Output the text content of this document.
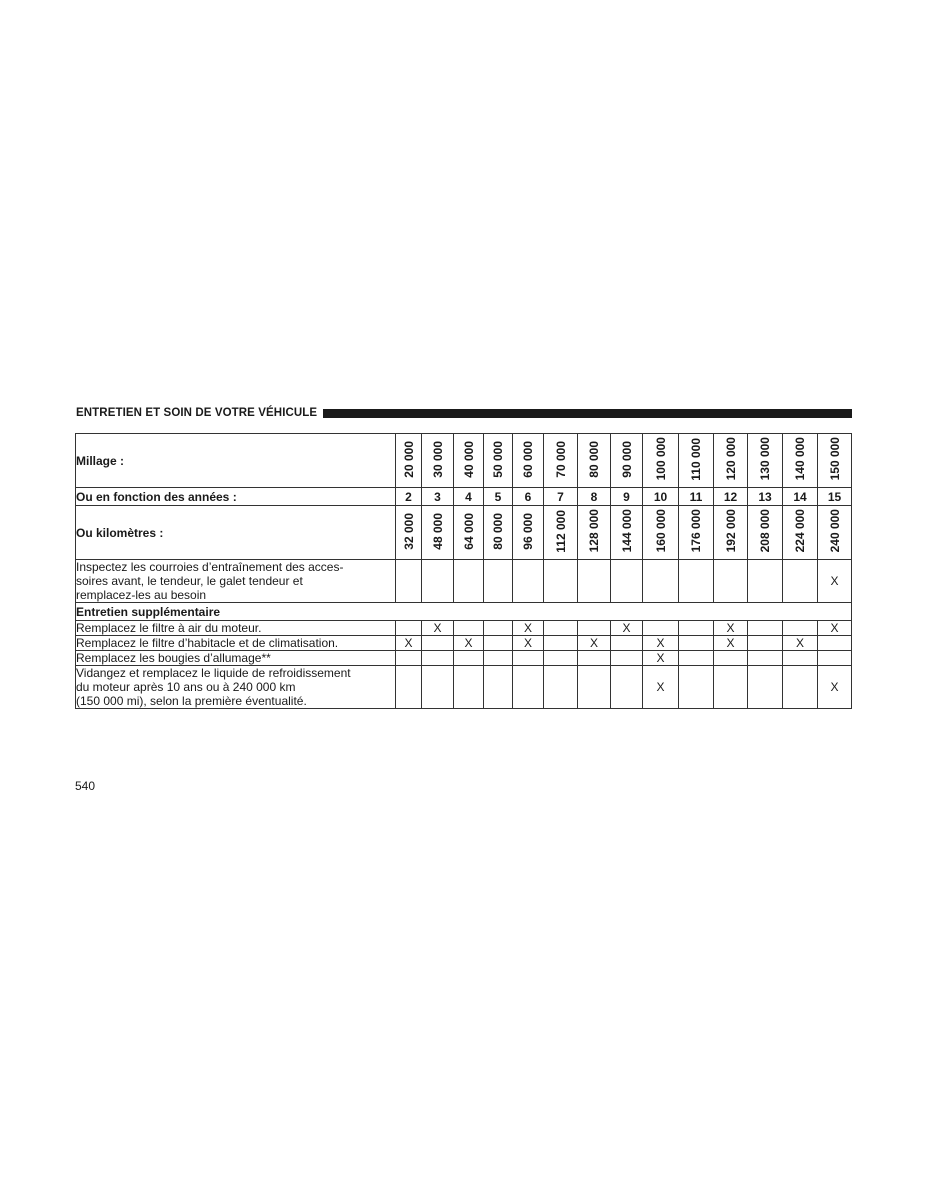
ENTRETIEN ET SOIN DE VOTRE VÉHICULE
Millage :	20 000	30 000	40 000	50 000	60 000	70 000	80 000	90 000	100 000	110 000	120 000	130 000	140 000	150 000
Ou en fonction des années :	2	3	4	5	6	7	8	9	10	11	12	13	14	15
Ou kilomètres :	32 000	48 000	64 000	80 000	96 000	112 000	128 000	144 000	160 000	176 000	192 000	208 000	224 000	240 000
Inspectez les courroies d’entraînement des acces-
soires avant, le tendeur, le galet tendeur et
remplacez-les au besoin														X
Entretien supplémentaire														
Remplacez le filtre à air du moteur.		X			X			X			X			X
Remplacez le filtre d’habitacle et de climatisation.	X		X		X		X		X		X		X	
Remplacez les bougies d’allumage**									X					
Vidangez et remplacez le liquide de refroidissement
du moteur après 10 ans ou à 240 000 km
(150 000 mi), selon la première éventualité.									X					X
540
